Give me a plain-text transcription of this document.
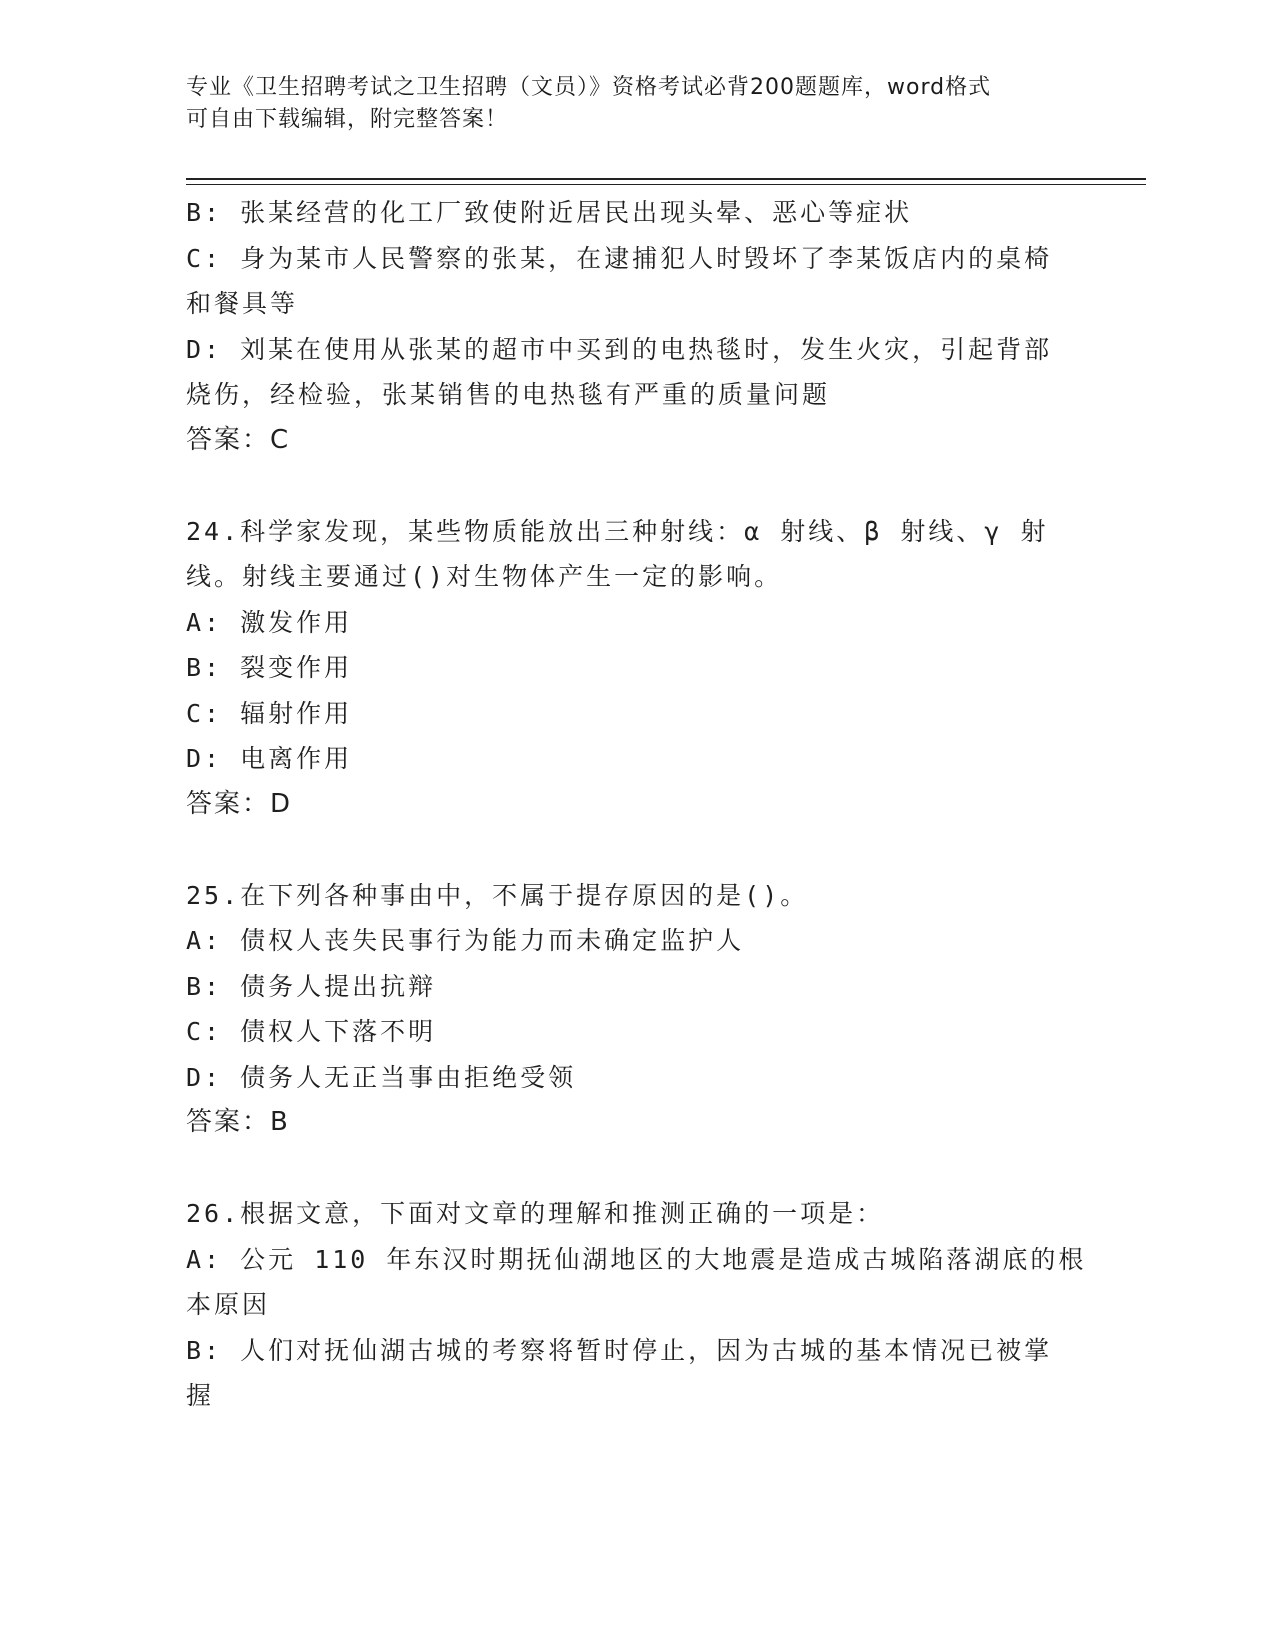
专业《卫生招聘考试之卫生招聘（文员）》资格考试必背200题题库，word格式
可自由下载编辑，附完整答案！
B: 张某经营的化工厂致使附近居民出现头晕、恶心等症状
C: 身为某市人民警察的张某，在逮捕犯人时毁坏了李某饭店内的桌椅
和餐具等
D: 刘某在使用从张某的超市中买到的电热毯时，发生火灾，引起背部
烧伤，经检验，张某销售的电热毯有严重的质量问题
答案：C
24.科学家发现，某些物质能放出三种射线：α 射线、β 射线、γ 射
线。射线主要通过()对生物体产生一定的影响。
A: 激发作用
B: 裂变作用
C: 辐射作用
D: 电离作用
答案：D
25.在下列各种事由中，不属于提存原因的是()。
A: 债权人丧失民事行为能力而未确定监护人
B: 债务人提出抗辩
C: 债权人下落不明
D: 债务人无正当事由拒绝受领
答案：B
26.根据文意，下面对文章的理解和推测正确的一项是：
A: 公元 110 年东汉时期抚仙湖地区的大地震是造成古城陷落湖底的根
本原因
B: 人们对抚仙湖古城的考察将暂时停止，因为古城的基本情况已被掌
握
